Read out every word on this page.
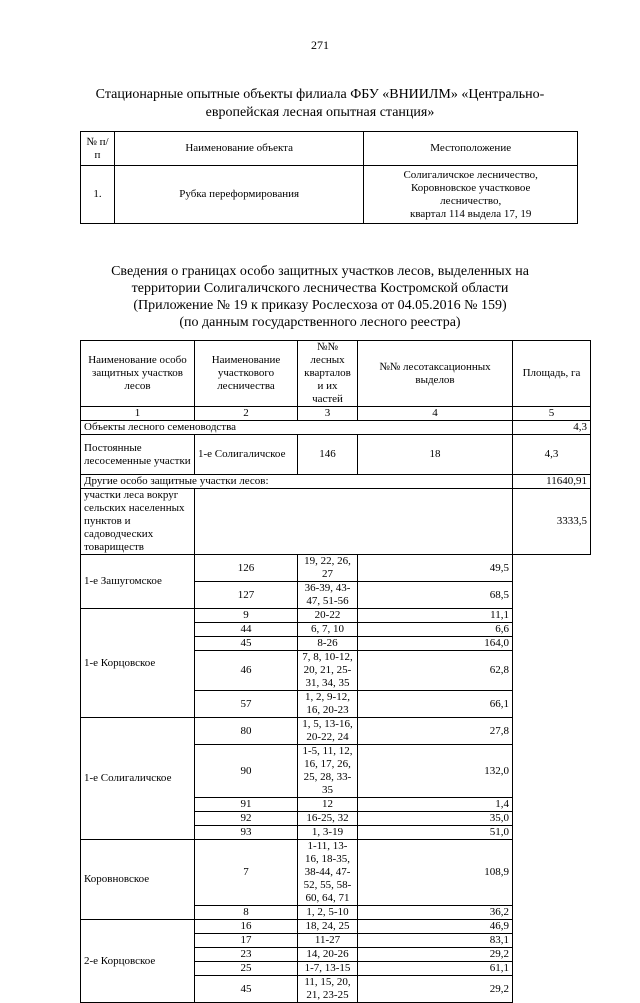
271
Стационарные опытные объекты филиала ФБУ «ВНИИЛМ» «Центрально-
европейская лесная опытная станция»
№ п/п	Наименование объекта	Местоположение
1.	Рубка переформирования	Солигаличское лесничество,
Коровновское участковое
лесничество,
квартал 114 выдела 17, 19
Сведения о границах особо защитных участков лесов, выделенных на
территории Солигаличского лесничества Костромской области
(Приложение № 19 к приказу Рослесхоза от 04.05.2016 № 159)
(по данным государственного лесного реестра)
Наименование особо защитных участков лесов	Наименование участкового лесничества	№№ лесных кварталов и их частей	№№ лесотаксационных выделов	Площадь, га
1	2	3	4	5
Объекты лесного семеноводства				4,3
Постоянные лесосеменные участки	1-е Солигаличское	146	18	4,3
Другие особо защитные участки лесов:				11640,91
участки леса вокруг сельских населенных пунктов и садоводческих товариществ				3333,5
1-е Зашугомское	126	19, 22, 26, 27	49,5	
	127	36-39, 43-47, 51-56	68,5	
1-е Корцовское	9	20-22	11,1	
	44	6, 7, 10	6,6	
	45	8-26	164,0	
	46	7, 8, 10-12, 20, 21, 25-31, 34, 35	62,8	
	57	1, 2, 9-12, 16, 20-23	66,1	
1-е Солигаличское	80	1, 5, 13-16, 20-22, 24	27,8	
	90	1-5, 11, 12, 16, 17, 26, 25, 28, 33-35	132,0	
	91	12	1,4	
	92	16-25, 32	35,0	
	93	1, 3-19	51,0	
Коровновское	7	1-11, 13-16, 18-35, 38-44, 47-52, 55, 58-60, 64, 71	108,9	
	8	1, 2, 5-10	36,2	
2-е Корцовское	16	18, 24, 25	46,9	
	17	11-27	83,1	
	23	14, 20-26	29,2	
	25	1-7, 13-15	61,1	
	45	11, 15, 20, 21, 23-25	29,2	
